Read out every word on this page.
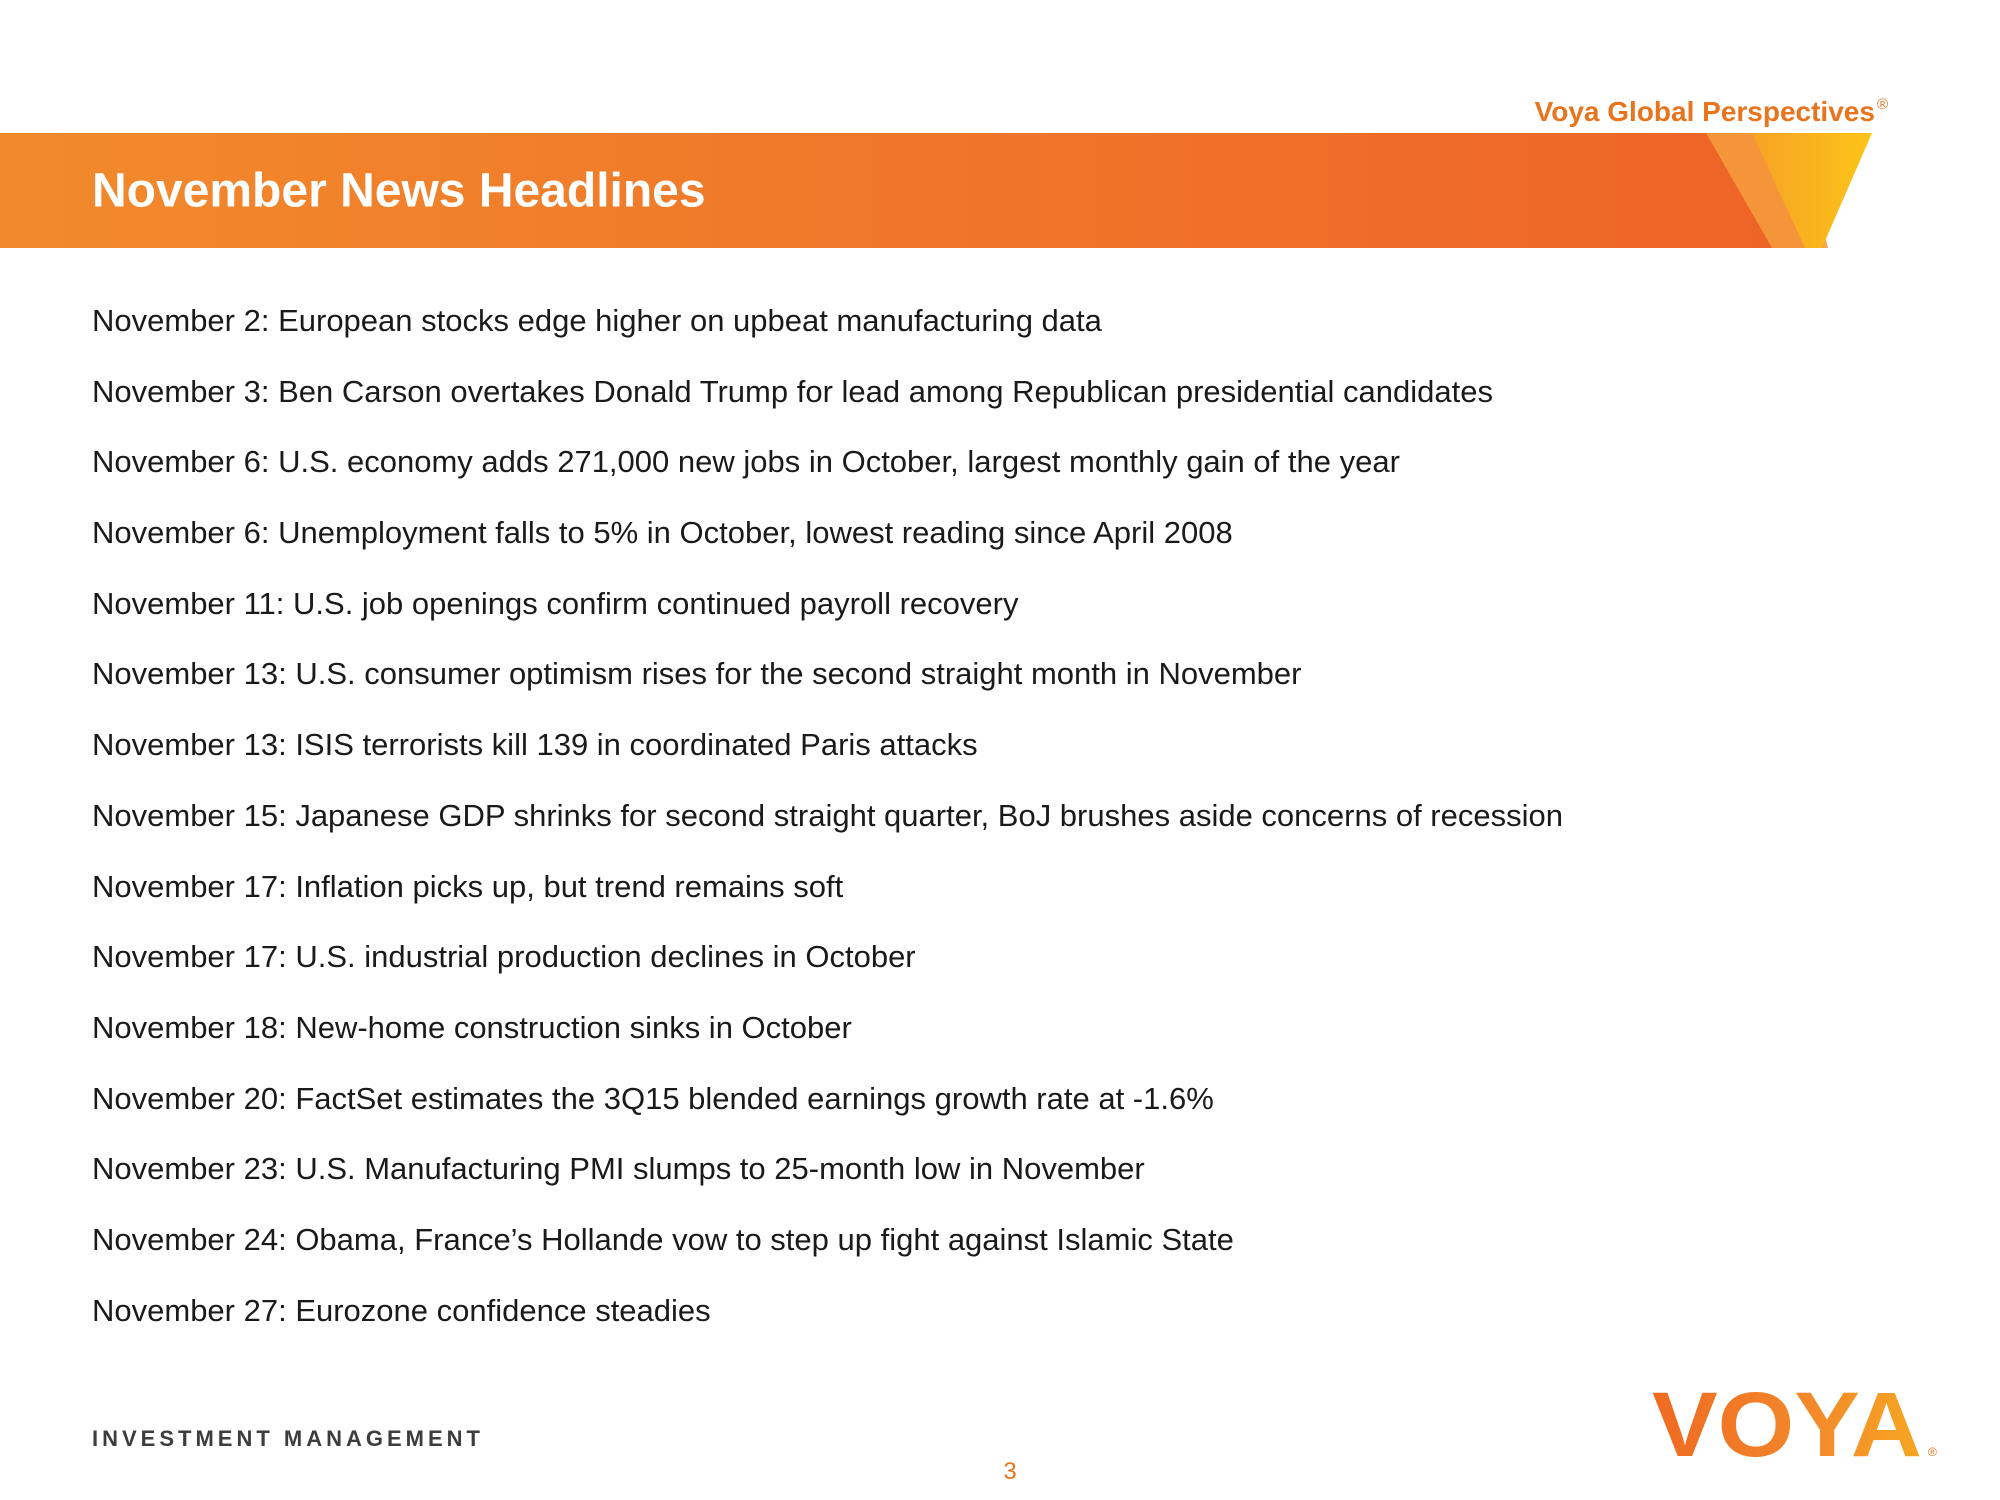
Voya Global Perspectives ®
November News Headlines
November 2: European stocks edge higher on upbeat manufacturing data
November 3: Ben Carson overtakes Donald Trump for lead among Republican presidential candidates
November 6: U.S. economy adds 271,000 new jobs in October, largest monthly gain of the year
November 6: Unemployment falls to 5% in October, lowest reading since April 2008
November 11: U.S. job openings confirm continued payroll recovery
November 13: U.S. consumer optimism rises for the second straight month in November
November 13: ISIS terrorists kill 139 in coordinated Paris attacks
November 15: Japanese GDP shrinks for second straight quarter, BoJ brushes aside concerns of recession
November 17: Inflation picks up, but trend remains soft
November 17: U.S. industrial production declines in October
November 18: New-home construction sinks in October
November 20: FactSet estimates the 3Q15 blended earnings growth rate at -1.6%
November 23: U.S. Manufacturing PMI slumps to 25-month low in November
November 24: Obama, France’s Hollande vow to step up fight against Islamic State
November 27: Eurozone confidence steadies
INVESTMENT MANAGEMENT
3	VOYA ®
